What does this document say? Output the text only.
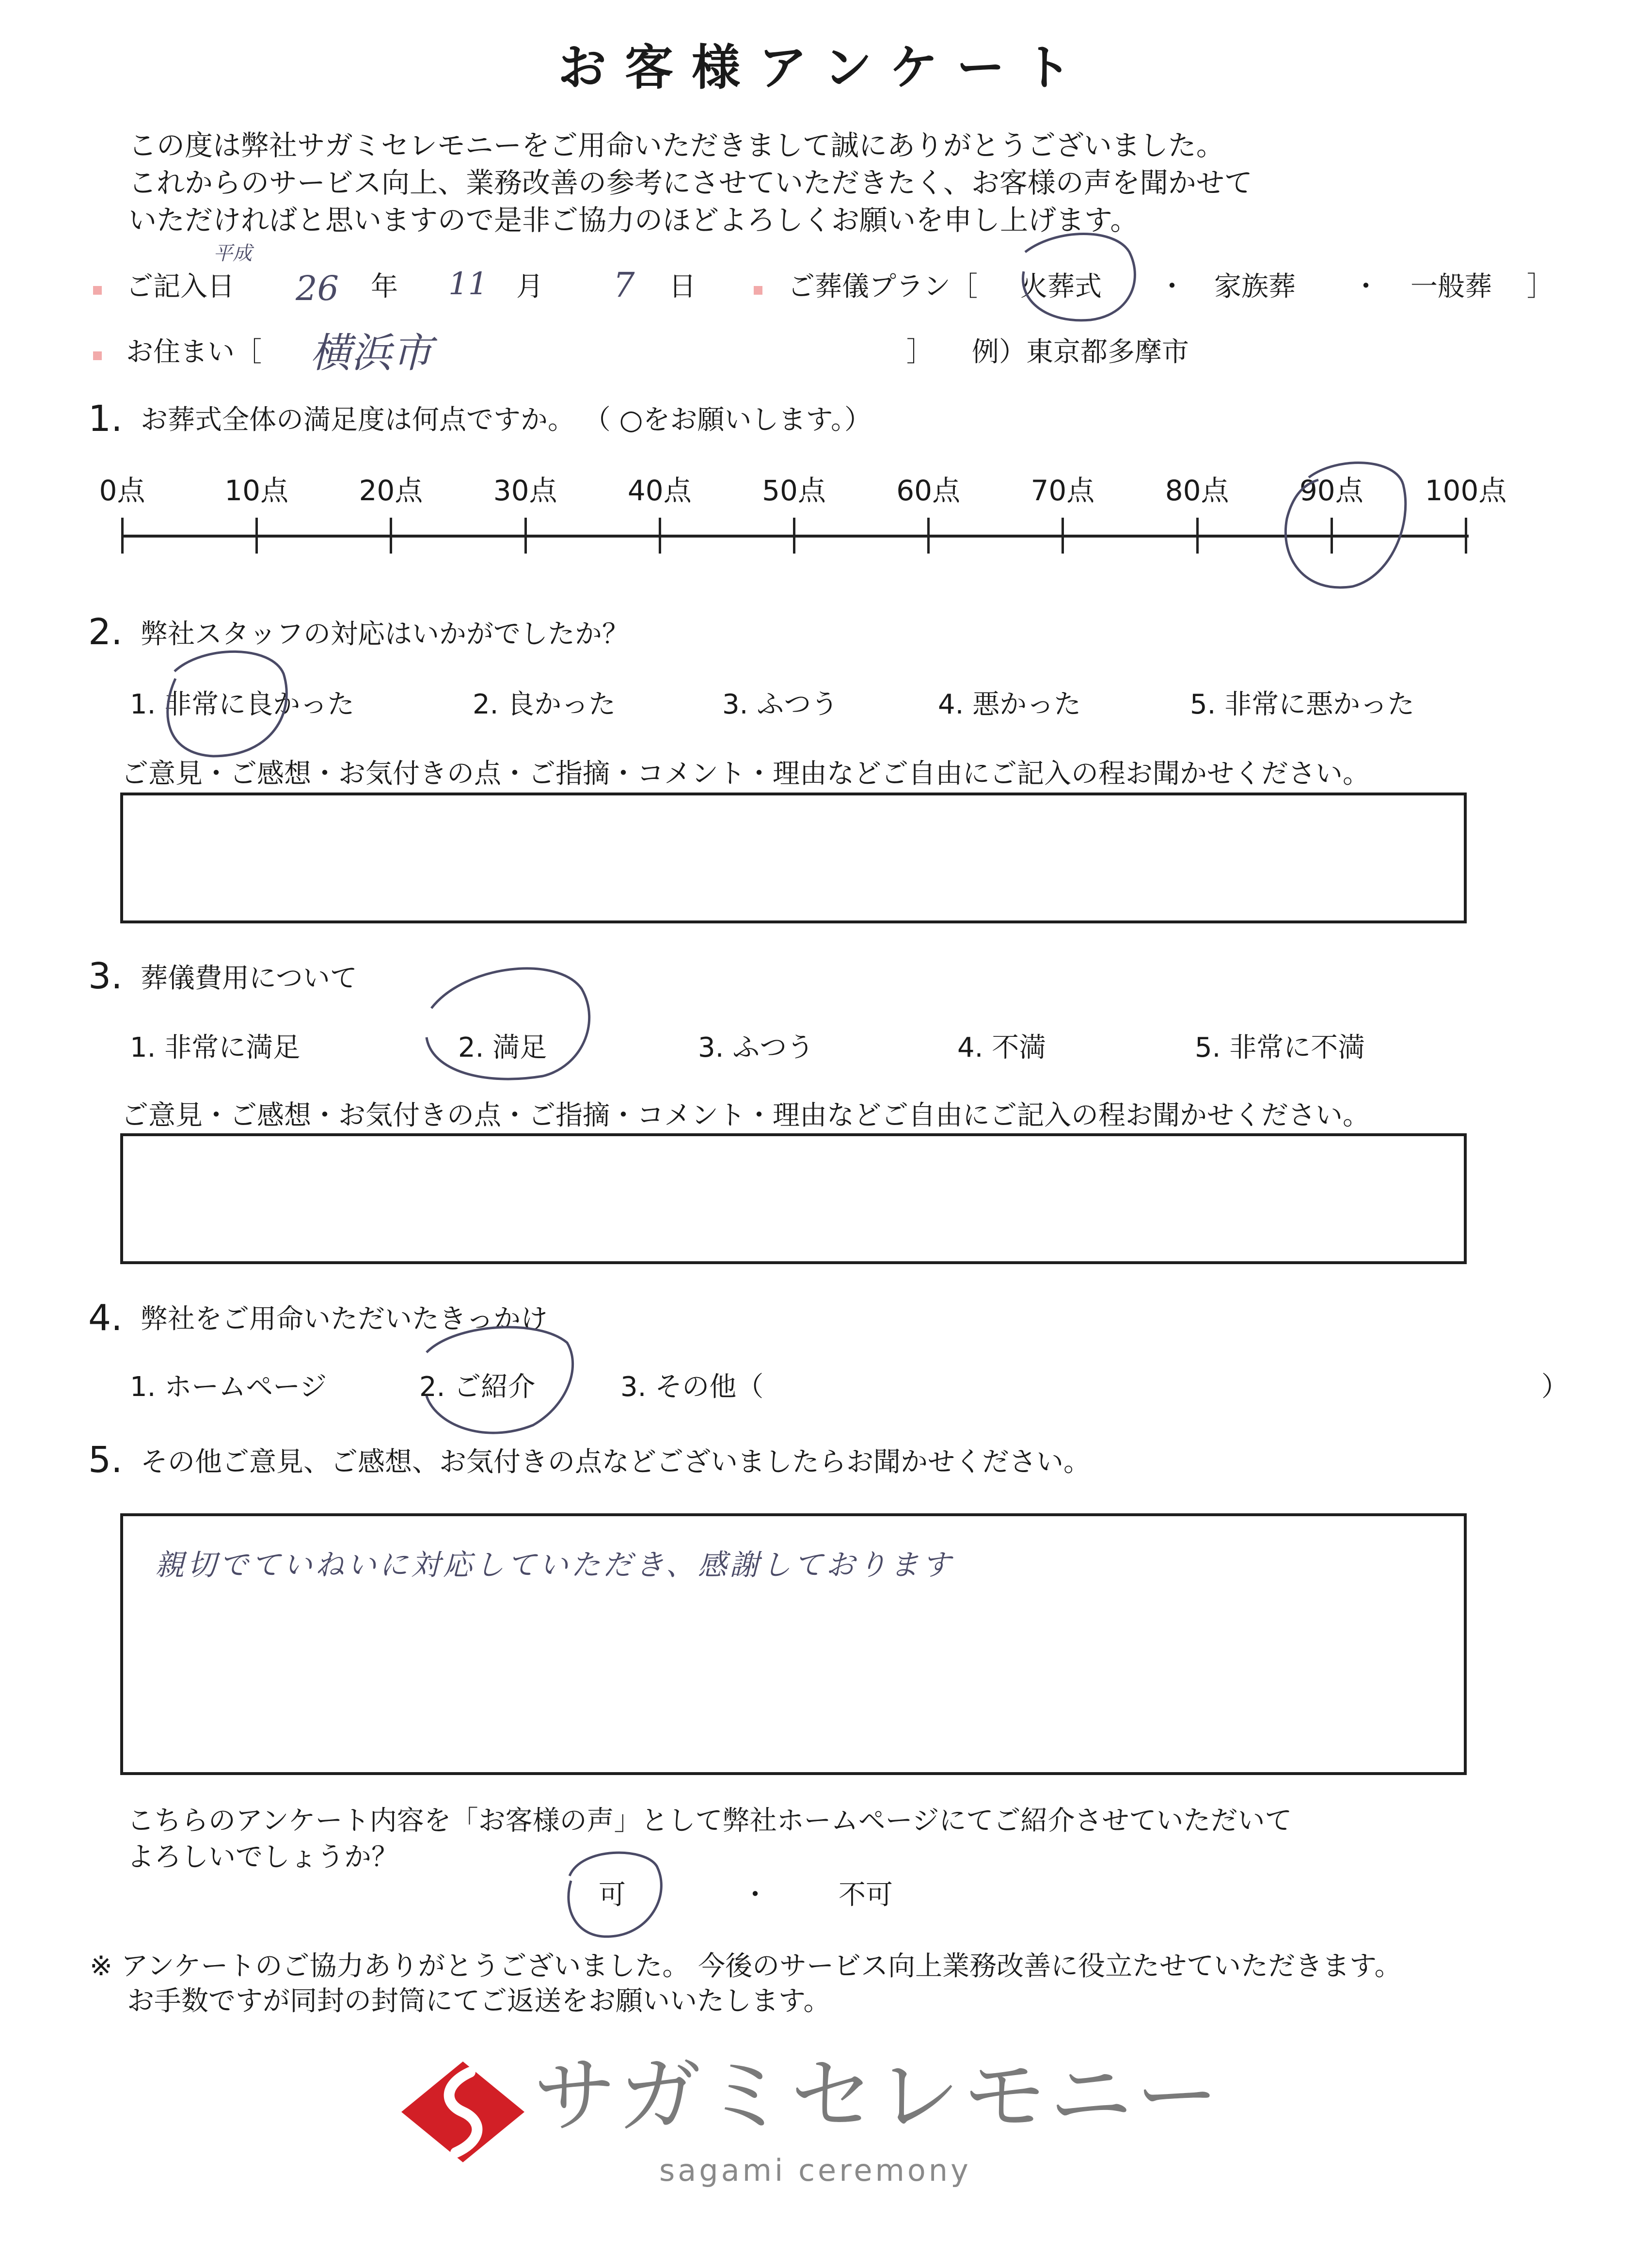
お客様アンケート
この度は弊社サガミセレモニーをご用命いただきまして誠にありがとうございました。
これからのサービス向上、業務改善の参考にさせていただきたく、お客様の声を聞かせて
いただければと思いますので是非ご協力のほどよろしくお願いを申し上げます。
ご記入日
平成
26 年 11 月 7 日	ご葬儀プラン［ 火葬式 ・ 家族葬 ・ 一般葬 ］
お住まい［ 横浜市	］ 例）東京都多摩市
1. お葬式全体の満足度は何点ですか。 （ ○をお願いします。）
0点	10点	20点	30点	40点	50点	60点	70点	80点	90点 100点
2. 弊社スタッフの対応はいかがでしたか？
1. 非常に良かった	2. 良かった	3. ふつう	4. 悪かった	5. 非常に悪かった
ご意見・ご感想・お気付きの点・ご指摘・コメント・理由などご自由にご記入の程お聞かせください。
3. 葬儀費用について
1. 非常に満足	2. 満足	3. ふつう	4. 不満	5. 非常に不満
ご意見・ご感想・お気付きの点・ご指摘・コメント・理由などご自由にご記入の程お聞かせください。
4. 弊社をご用命いただいたきっかけ
1. ホームページ	2. ご紹介	3. その他（	）
5. その他ご意見、ご感想、お気付きの点などございましたらお聞かせください。
親切でていねいに対応していただき、感謝しております
こちらのアンケート内容を「お客様の声」として弊社ホームページにてご紹介させていただいて
よろしいでしょうか？
可	・	不可
※ アンケートのご協力ありがとうございました。 今後のサービス向上業務改善に役立たせていただきます。
お手数ですが同封の封筒にてご返送をお願いいたします。
サガミセレモニー
sagami ceremony
